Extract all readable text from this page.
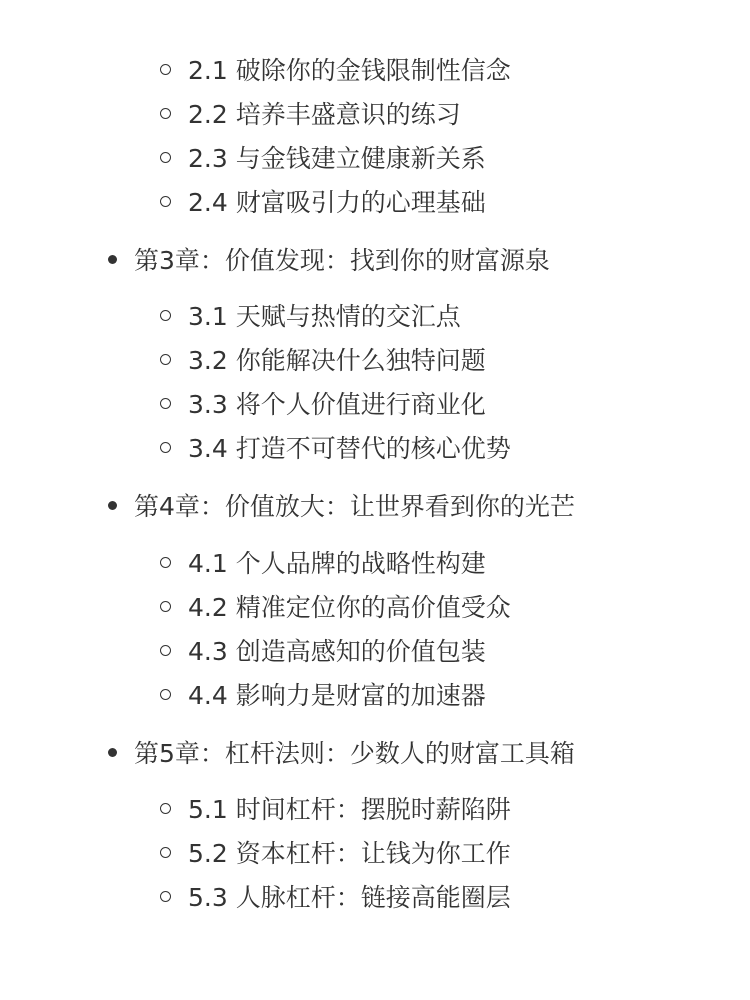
2.1 破除你的金钱限制性信念
2.2 培养丰盛意识的练习
2.3 与金钱建立健康新关系
2.4 财富吸引力的心理基础
第3章：价值发现：找到你的财富源泉
3.1 天赋与热情的交汇点
3.2 你能解决什么独特问题
3.3 将个人价值进行商业化
3.4 打造不可替代的核心优势
第4章：价值放大：让世界看到你的光芒
4.1 个人品牌的战略性构建
4.2 精准定位你的高价值受众
4.3 创造高感知的价值包装
4.4 影响力是财富的加速器
第5章：杠杆法则：少数人的财富工具箱
5.1 时间杠杆：摆脱时薪陷阱
5.2 资本杠杆：让钱为你工作
5.3 人脉杠杆：链接高能圈层
